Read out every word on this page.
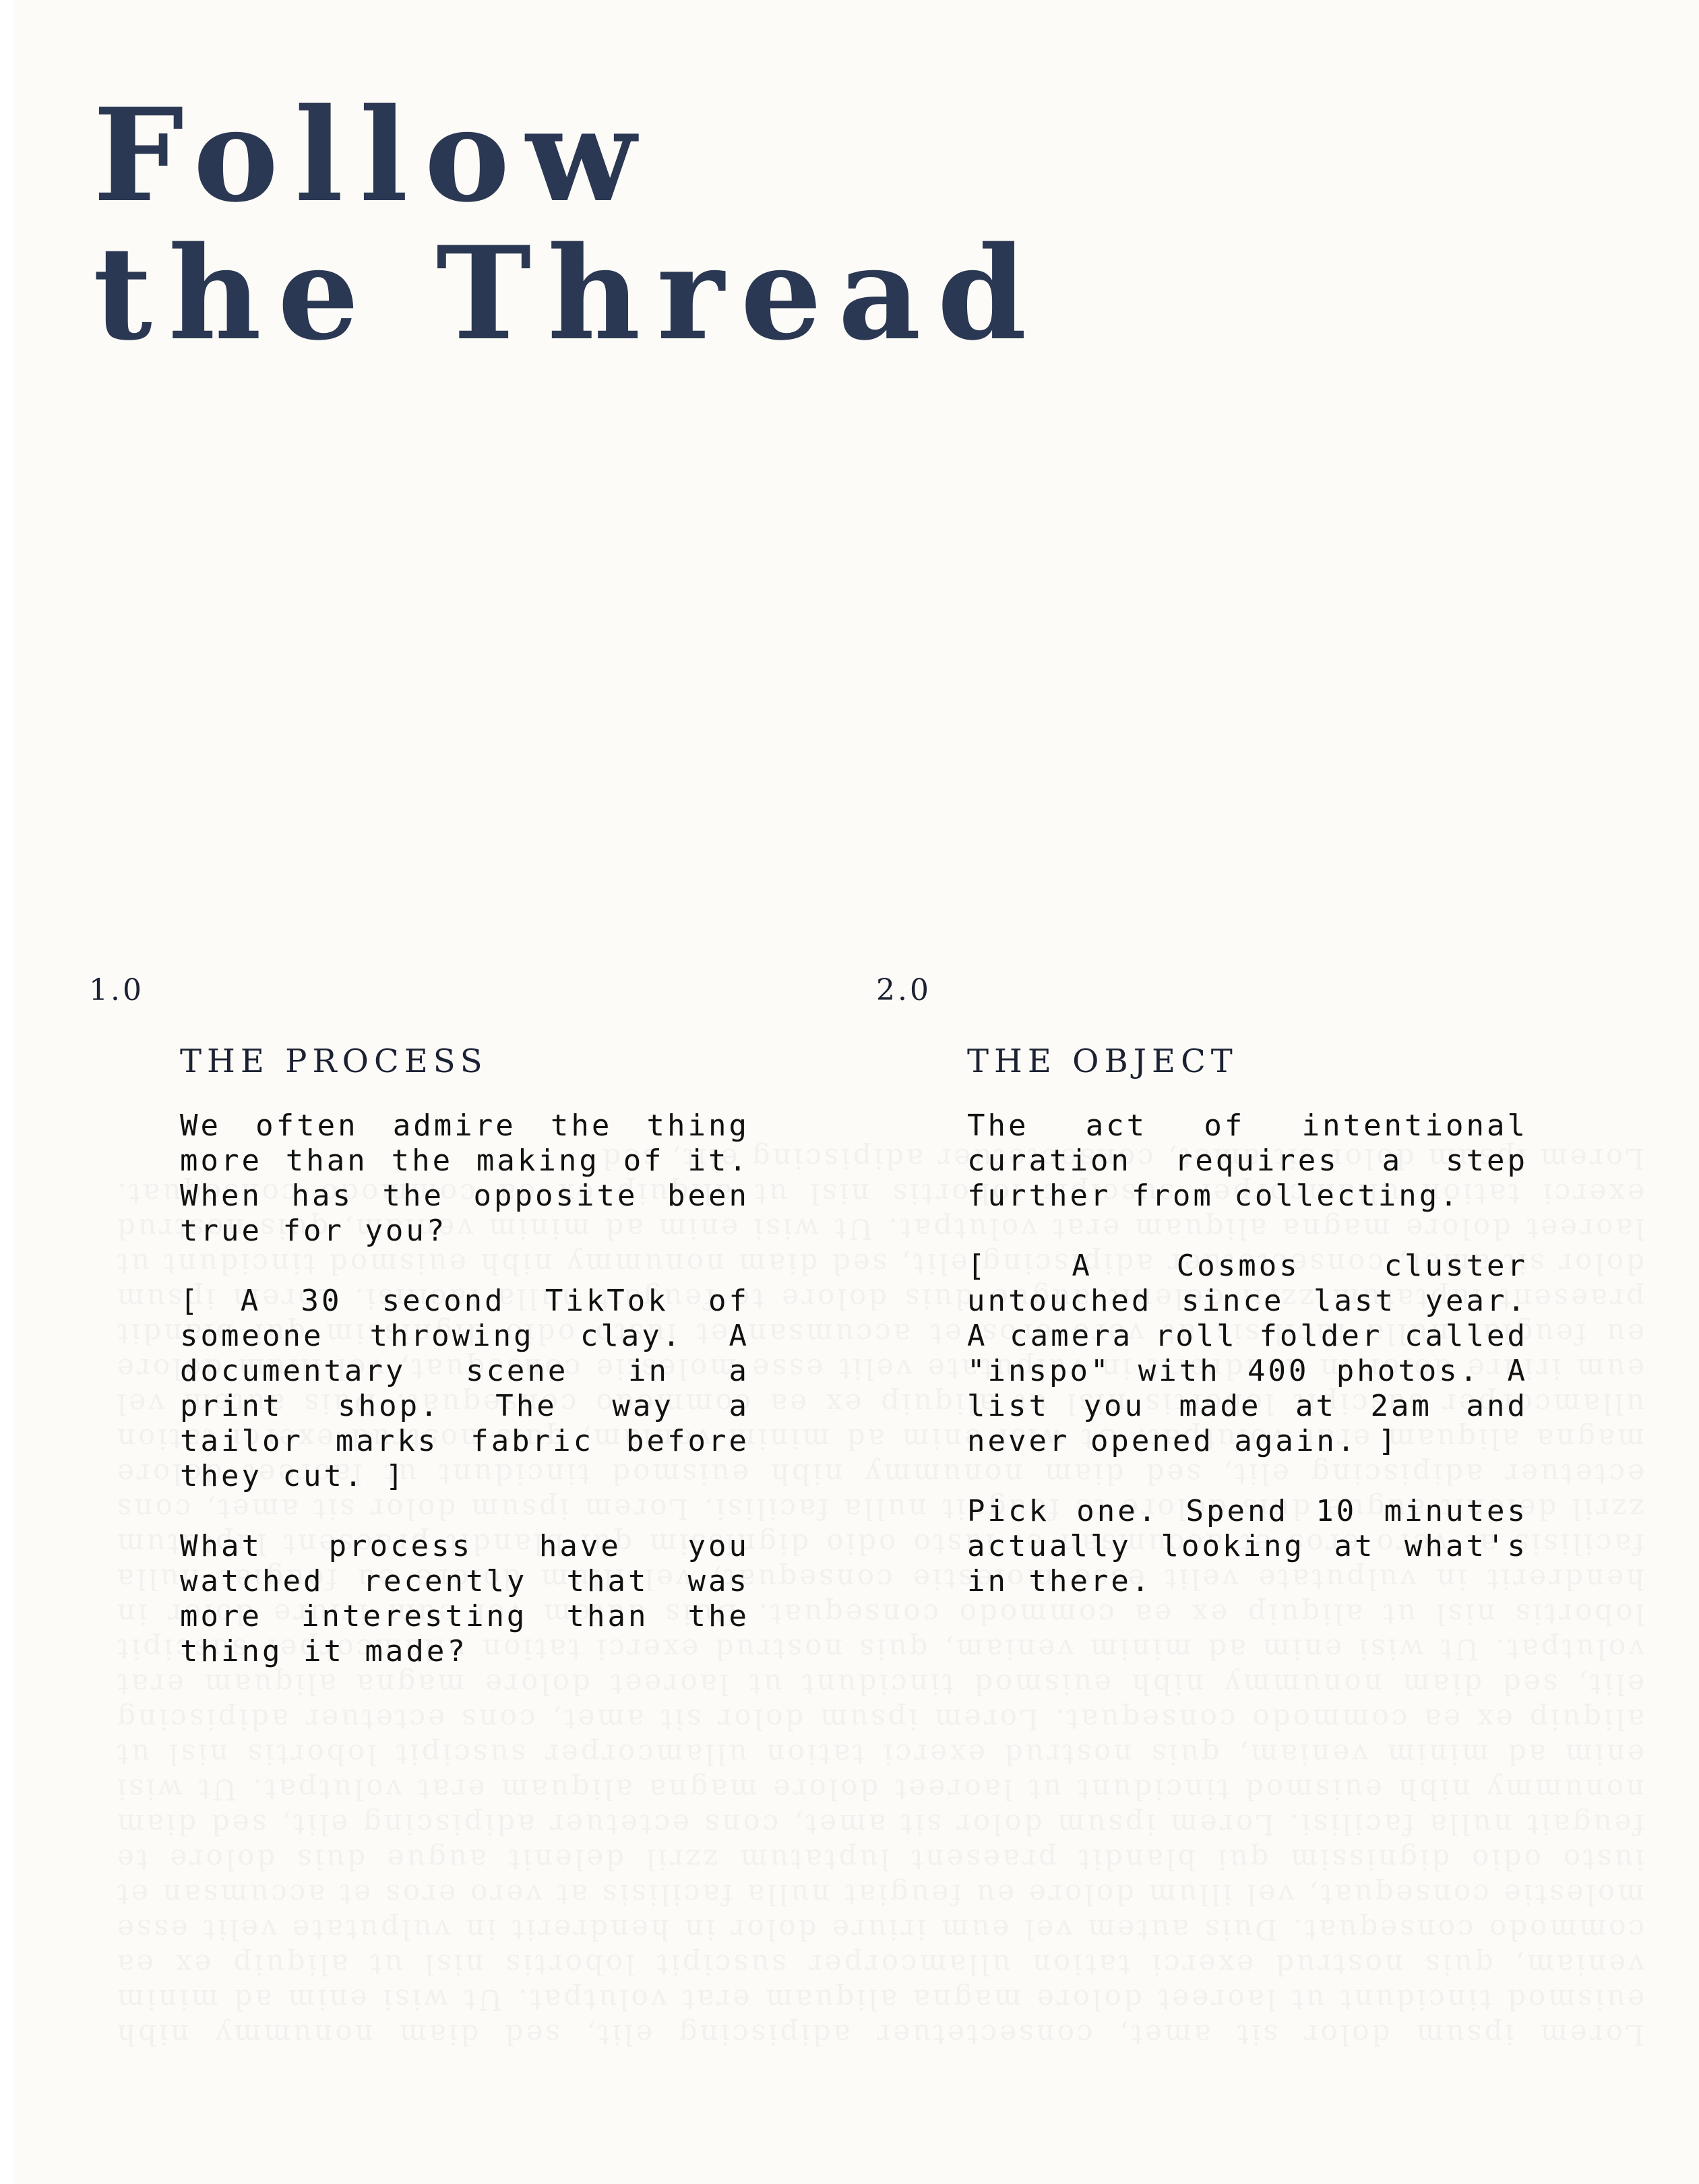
Follow
the Thread
1.0
THE PROCESS

We often admire the thing more than the making of it. When has the opposite been true for you?

[ A 30 second TikTok of someone throwing clay. A documentary scene in a print shop. The way a tailor marks fabric before they cut. ]

What process have you watched recently that was more interesting than the thing it made?

2.0
THE OBJECT

The act of intentional curation requires a step further from collecting.

[ A Cosmos cluster untouched since last year. A camera roll folder called "inspo" with 400 photos. A list you made at 2am and never opened again. ]

Pick one. Spend 10 minutes actually looking at what's in there.
